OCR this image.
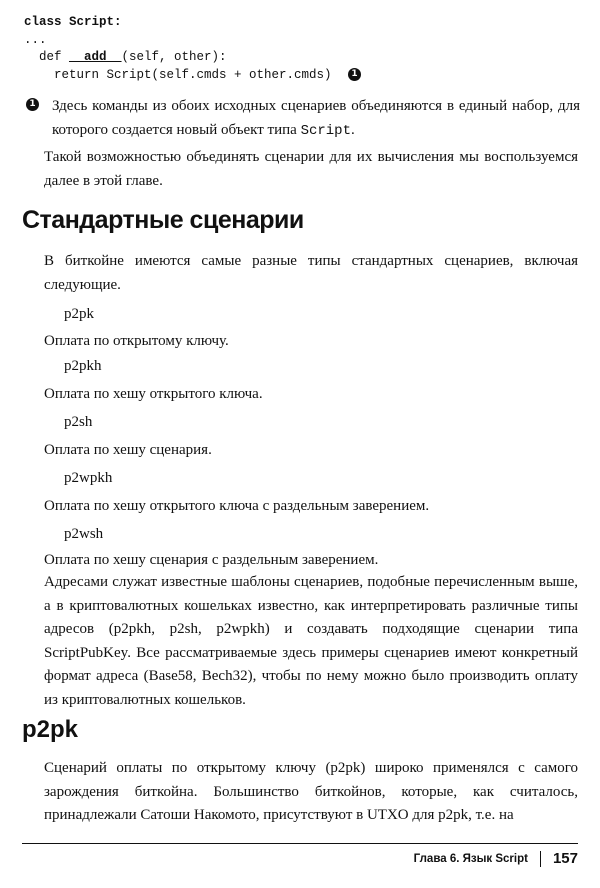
class Script:
...
def __add__(self, other):
return Script(self.cmds + other.cmds)	1
1 Здесь команды из обоих исходных сценариев объединяются в единый набор, для которого создается новый объект типа Script.
Такой возможностью объединять сценарии для их вычисления мы воспользуемся далее в этой главе.
Стандартные сценарии
В биткойне имеются самые разные типы стандартных сценариев, включая следующие.
p2pk
Оплата по открытому ключу.
p2pkh
Оплата по хешу открытого ключа.
p2sh
Оплата по хешу сценария.
p2wpkh
Оплата по хешу открытого ключа с раздельным заверением.
p2wsh
Оплата по хешу сценария с раздельным заверением.
Адресами служат известные шаблоны сценариев, подобные перечисленным выше, а в криптовалютных кошельках известно, как интерпретировать различные типы адресов (p2pkh, p2sh, p2wpkh) и создавать подходящие сценарии типа ScriptPubKey. Все рассматриваемые здесь примеры сценариев имеют конкретный формат адреса (Base58, Bech32), чтобы по нему можно было производить оплату из криптовалютных кошельков.
p2pk
Сценарий оплаты по открытому ключу (p2pk) широко применялся с самого зарождения биткойна. Большинство биткойнов, которые, как считалось, принадлежали Сатоши Накомото, присутствуют в UTXO для p2pk, т.е. на
Глава 6. Язык Script 157
